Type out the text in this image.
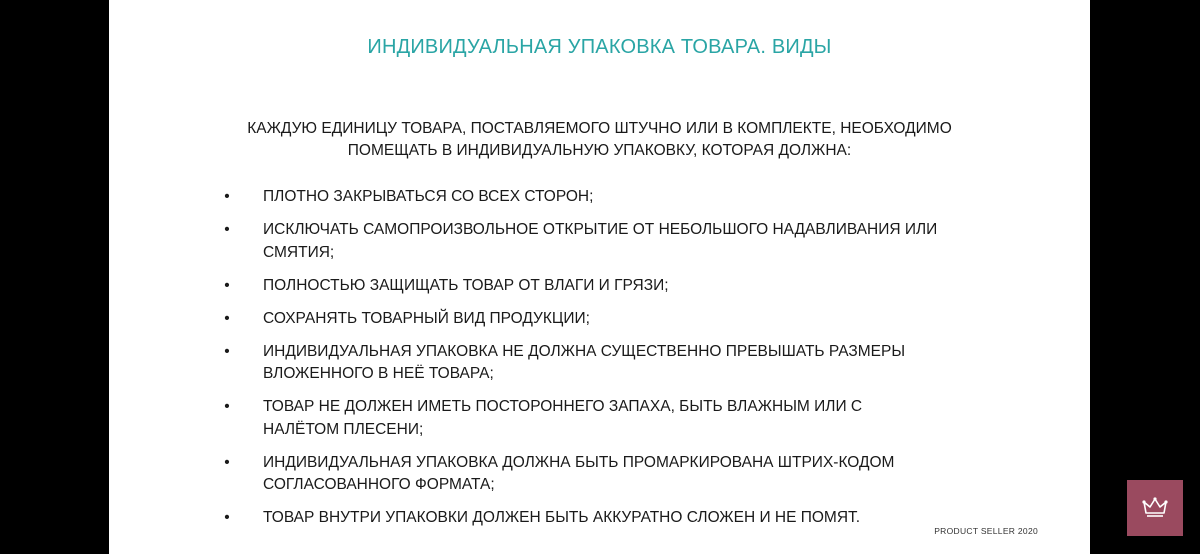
ИНДИВИДУАЛЬНАЯ УПАКОВКА ТОВАРА. ВИДЫ

КАЖДУЮ ЕДИНИЦУ ТОВАРА, ПОСТАВЛЯЕМОГО ШТУЧНО ИЛИ В КОМПЛЕКТЕ, НЕОБХОДИМО
ПОМЕЩАТЬ В ИНДИВИДУАЛЬНУЮ УПАКОВКУ, КОТОРАЯ ДОЛЖНА:

• ПЛОТНО ЗАКРЫВАТЬСЯ СО ВСЕХ СТОРОН;
• ИСКЛЮЧАТЬ САМОПРОИЗВОЛЬНОЕ ОТКРЫТИЕ ОТ НЕБОЛЬШОГО НАДАВЛИВАНИЯ ИЛИ
СМЯТИЯ;
• ПОЛНОСТЬЮ ЗАЩИЩАТЬ ТОВАР ОТ ВЛАГИ И ГРЯЗИ;
• СОХРАНЯТЬ ТОВАРНЫЙ ВИД ПРОДУКЦИИ;
• ИНДИВИДУАЛЬНАЯ УПАКОВКА НЕ ДОЛЖНА СУЩЕСТВЕННО ПРЕВЫШАТЬ РАЗМЕРЫ
ВЛОЖЕННОГО В НЕЁ ТОВАРА;
• ТОВАР НЕ ДОЛЖЕН ИМЕТЬ ПОСТОРОННЕГО ЗАПАХА, БЫТЬ ВЛАЖНЫМ ИЛИ С
НАЛЁТОМ ПЛЕСЕНИ;
• ИНДИВИДУАЛЬНАЯ УПАКОВКА ДОЛЖНА БЫТЬ ПРОМАРКИРОВАНА ШТРИХ-КОДОМ
СОГЛАСОВАННОГО ФОРМАТА;
• ТОВАР ВНУТРИ УПАКОВКИ ДОЛЖЕН БЫТЬ АККУРАТНО СЛОЖЕН И НЕ ПОМЯТ.
PRODUCT SELLER 2020
